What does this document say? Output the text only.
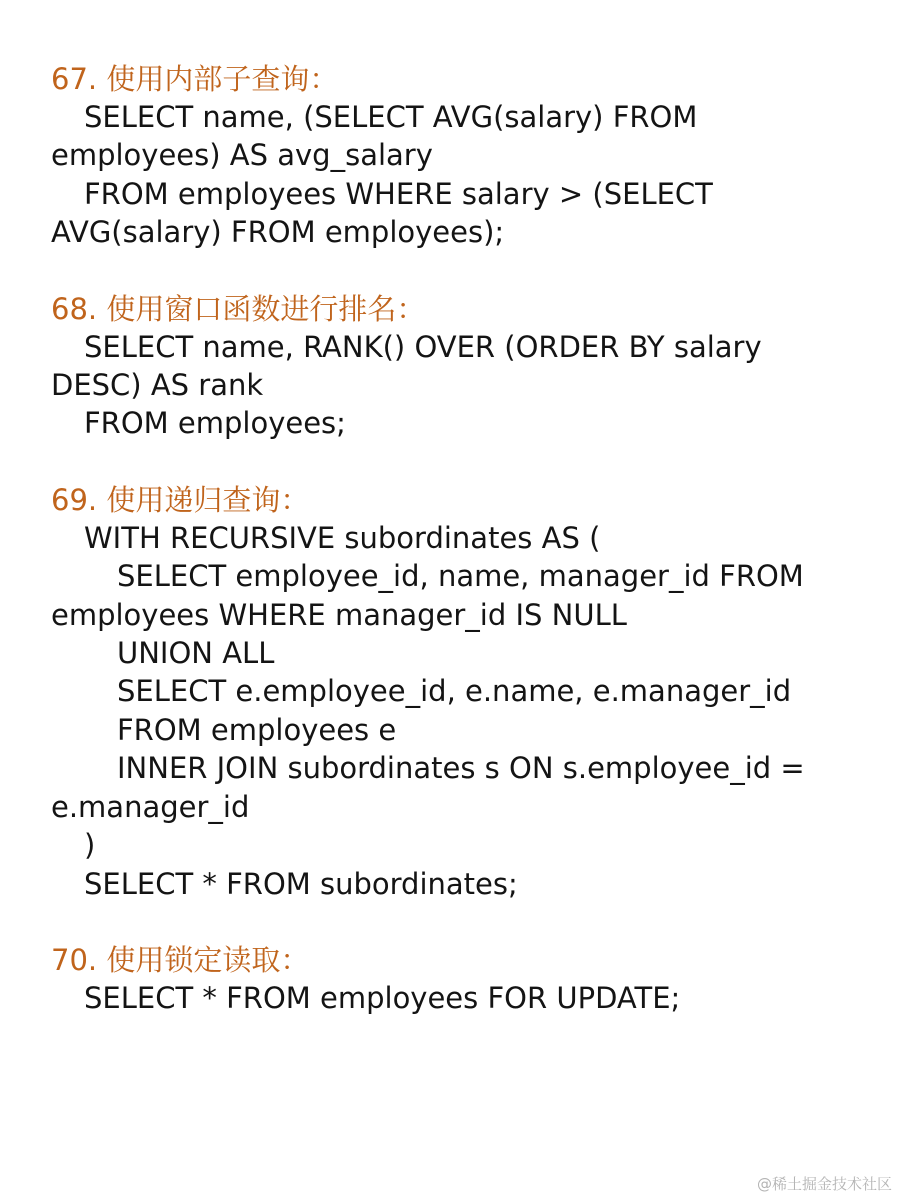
67. 使用内部子查询：
SELECT name, (SELECT AVG(salary) FROM
employees) AS avg_salary
FROM employees WHERE salary > (SELECT
AVG(salary) FROM employees);
68. 使用窗口函数进行排名：
SELECT name, RANK() OVER (ORDER BY salary
DESC) AS rank
FROM employees;
69. 使用递归查询：
WITH RECURSIVE subordinates AS (
SELECT employee_id, name, manager_id FROM
employees WHERE manager_id IS NULL
UNION ALL
SELECT e.employee_id, e.name, e.manager_id
FROM employees e
INNER JOIN subordinates s ON s.employee_id =
e.manager_id
)
SELECT * FROM subordinates;
70. 使用锁定读取：
SELECT * FROM employees FOR UPDATE;
@稀土掘金技术社区
